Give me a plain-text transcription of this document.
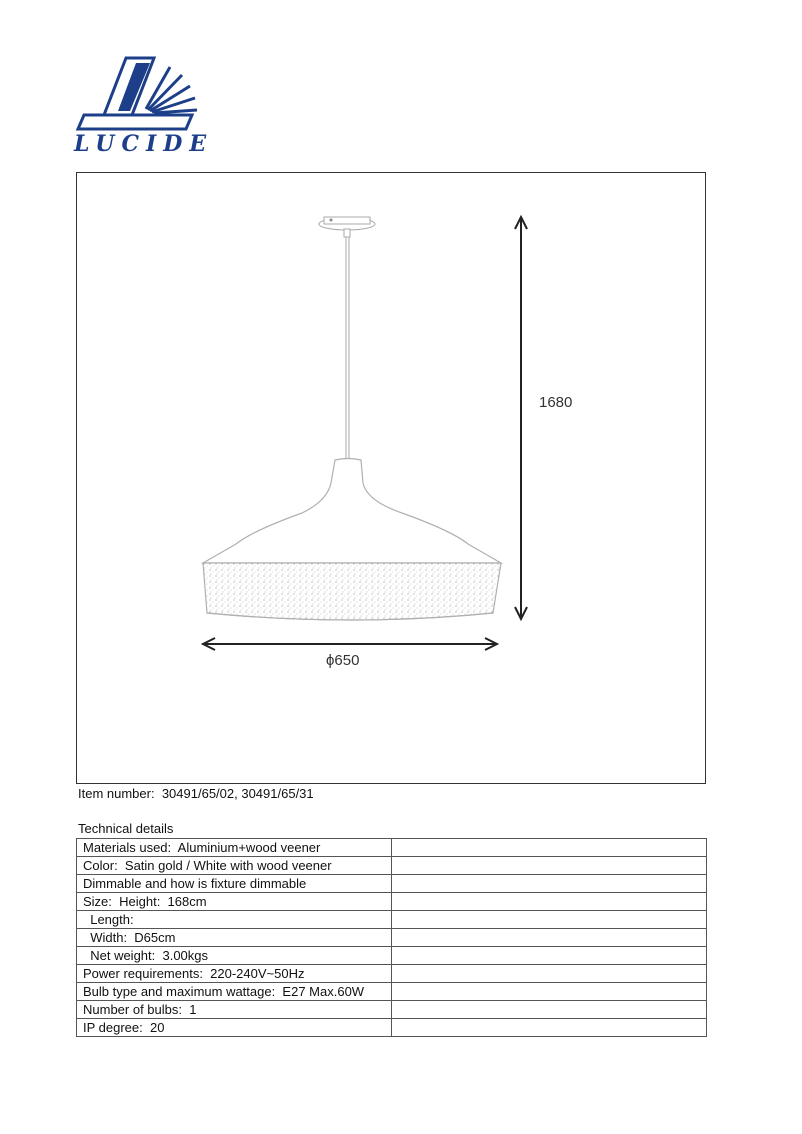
LUCIDE
1680
ϕ650
Item number: 30491/65/02, 30491/65/31
Technical details
Materials used:  Aluminium+wood veener	
Color:  Satin gold / White with wood veener	
Dimmable and how is fixture dimmable	
Size:  Height:  168cm	
Length:	
Width:  D65cm	
Net weight:  3.00kgs	
Power requirements:  220-240V~50Hz	
Bulb type and maximum wattage:  E27 Max.60W	
Number of bulbs:  1	
IP degree:  20	
